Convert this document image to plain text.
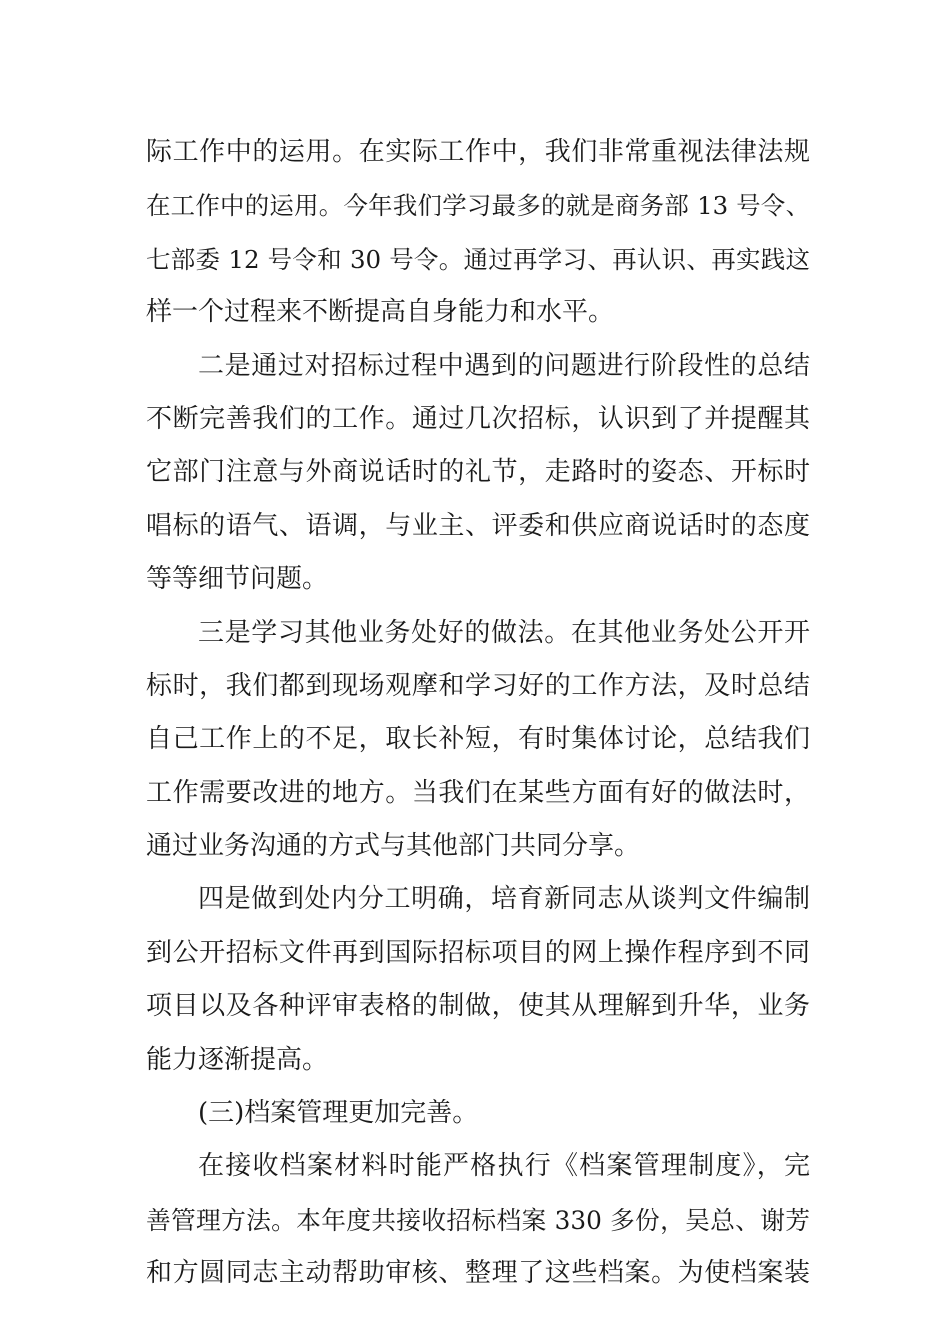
际工作中的运用。在实际工作中，我们非常重视法律法规
在工作中的运用。今年我们学习最多的就是商务部 13 号令、
七部委 12 号令和 30 号令。通过再学习、再认识、再实践这
样一个过程来不断提高自身能力和水平。
二是通过对招标过程中遇到的问题进行阶段性的总结
不断完善我们的工作。通过几次招标，认识到了并提醒其
它部门注意与外商说话时的礼节，走路时的姿态、开标时
唱标的语气、语调，与业主、评委和供应商说话时的态度
等等细节问题。
三是学习其他业务处好的做法。在其他业务处公开开
标时，我们都到现场观摩和学习好的工作方法，及时总结
自己工作上的不足，取长补短，有时集体讨论，总结我们
工作需要改进的地方。当我们在某些方面有好的做法时，
通过业务沟通的方式与其他部门共同分享。
四是做到处内分工明确，培育新同志从谈判文件编制
到公开招标文件再到国际招标项目的网上操作程序到不同
项目以及各种评审表格的制做，使其从理解到升华，业务
能力逐渐提高。
(三)档案管理更加完善。
在接收档案材料时能严格执行《档案管理制度》，完
善管理方法。本年度共接收招标档案 330 多份，吴总、谢芳
和方圆同志主动帮助审核、整理了这些档案。为使档案装
